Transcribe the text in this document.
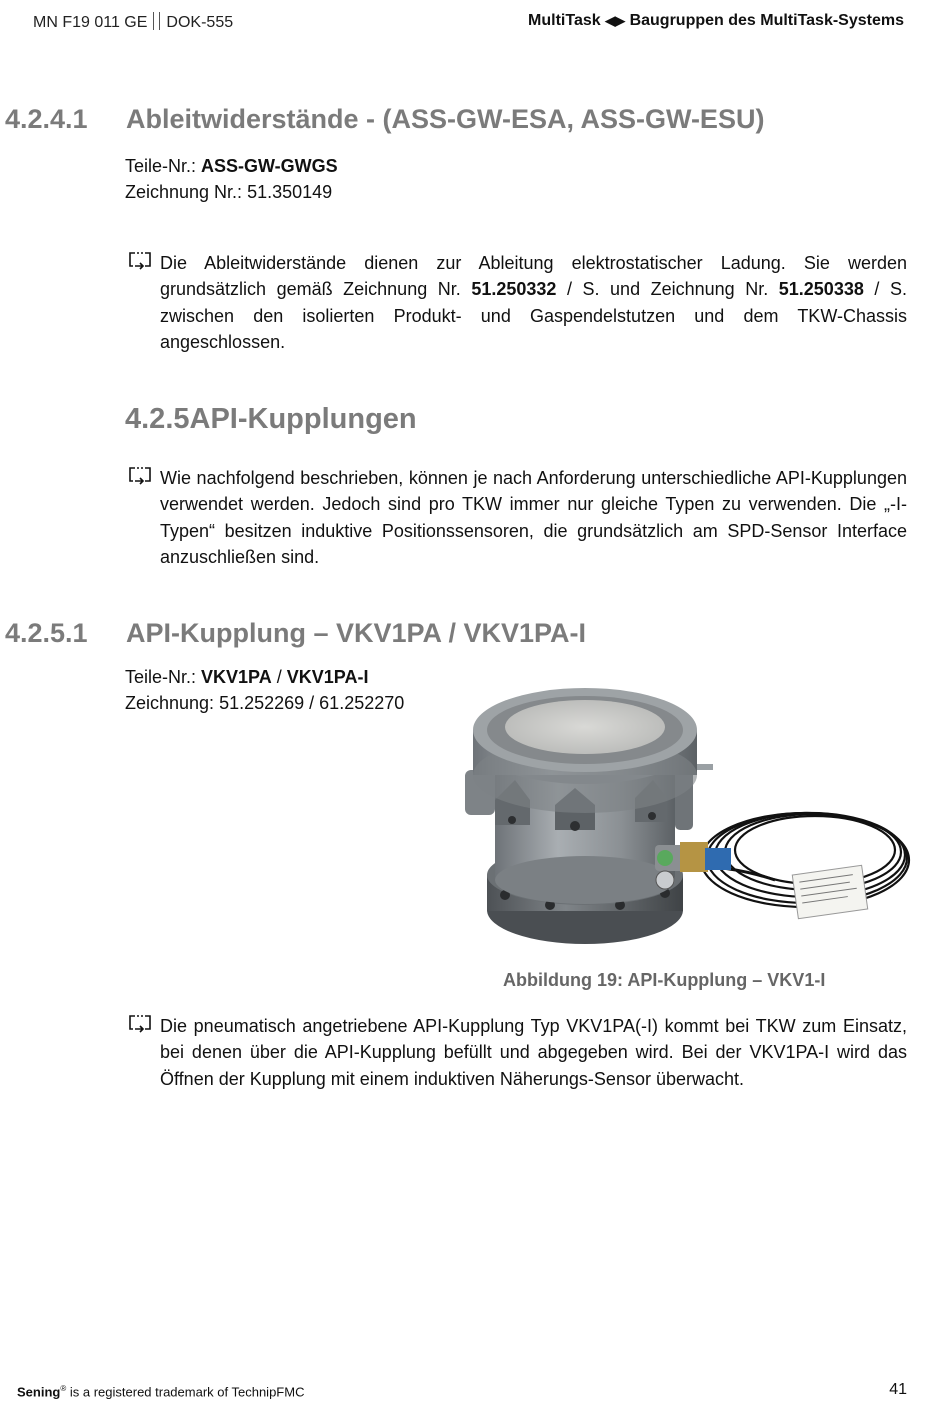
MN F19 011 GE DOK-555	MultiTask ◀▶ Baugruppen des MultiTask-Systems
4.2.4.1 Ableitwiderstände - (ASS-GW-ESA, ASS-GW-ESU)
Teile-Nr.: ASS-GW-GWGS
Zeichnung Nr.: 51.350149
Die Ableitwiderstände dienen zur Ableitung elektrostatischer Ladung. Sie werden grundsätzlich gemäß Zeichnung Nr. 51.250332 / S. und Zeichnung Nr. 51.250338 / S. zwischen den isolierten Produkt- und Gaspendelstutzen und dem TKW-Chassis angeschlossen.
4.2.5API-Kupplungen
Wie nachfolgend beschrieben, können je nach Anforderung unterschiedliche API-Kupplungen verwendet werden. Jedoch sind pro TKW immer nur gleiche Typen zu verwenden. Die „-I-Typen“ besitzen induktive Positionssensoren, die grundsätzlich am SPD-Sensor Interface anzuschließen sind.
4.2.5.1 API-Kupplung – VKV1PA / VKV1PA-I
Teile-Nr.: VKV1PA / VKV1PA-I
Zeichnung: 51.252269 / 61.252270
Abbildung 19: API-Kupplung – VKV1-I
Die pneumatisch angetriebene API-Kupplung Typ VKV1PA(-I) kommt bei TKW zum Einsatz, bei denen über die API-Kupplung befüllt und abgegeben wird. Bei der VKV1PA-I wird das Öffnen der Kupplung mit einem induktiven Näherungs-Sensor überwacht.
Sening® is a registered trademark of TechnipFMC	41
